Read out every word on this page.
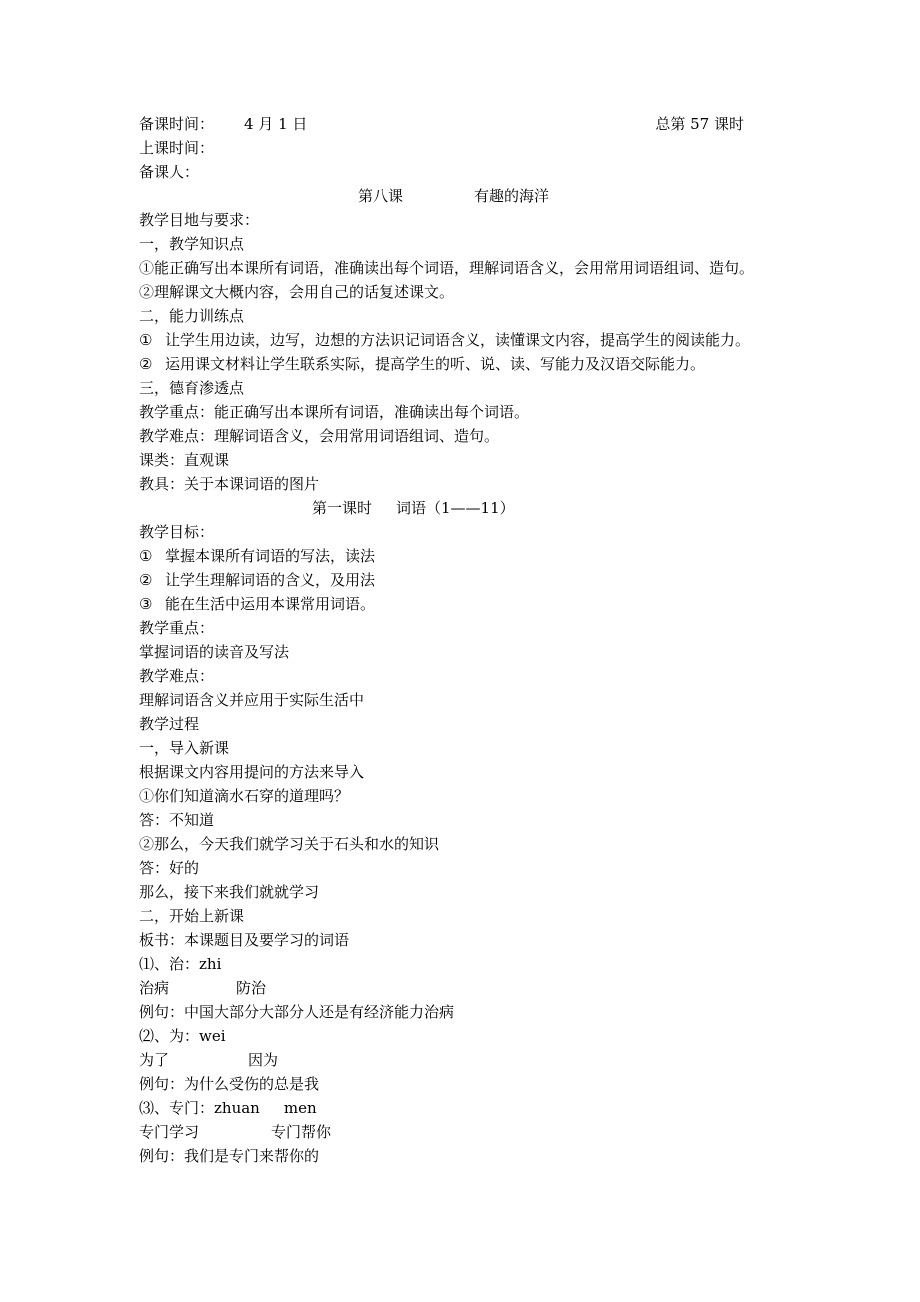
备课时间： 4 月 1 日	总第 57 课时
上课时间：
备课人：
第八课	有趣的海洋
教学目地与要求：
一，教学知识点
①能正确写出本课所有词语，准确读出每个词语，理解词语含义，会用常用词语组词、造句。
②理解课文大概内容，会用自己的话复述课文。
二，能力训练点
① 让学生用边读，边写，边想的方法识记词语含义，读懂课文内容，提高学生的阅读能力。
② 运用课文材料让学生联系实际，提高学生的听、说、读、写能力及汉语交际能力。
三，德育渗透点
教学重点：能正确写出本课所有词语，准确读出每个词语。
教学难点：理解词语含义，会用常用词语组词、造句。
课类：直观课
教具：关于本课词语的图片
第一课时 词语（1——11）
教学目标：
① 掌握本课所有词语的写法，读法
② 让学生理解词语的含义，及用法
③ 能在生活中运用本课常用词语。
教学重点：
掌握词语的读音及写法
教学难点：
理解词语含义并应用于实际生活中
教学过程
一，导入新课
根据课文内容用提问的方法来导入
①你们知道滴水石穿的道理吗？
答：不知道
②那么，今天我们就学习关于石头和水的知识
答：好的
那么，接下来我们就就学习
二，开始上新课
板书：本课题目及要学习的词语
⑴、治：zhi
治病	防治
例句：中国大部分大部分人还是有经济能力治病
⑵、为：wei
为了	因为
例句：为什么受伤的总是我
⑶、专门：zhuan men
专门学习	专门帮你
例句：我们是专门来帮你的
